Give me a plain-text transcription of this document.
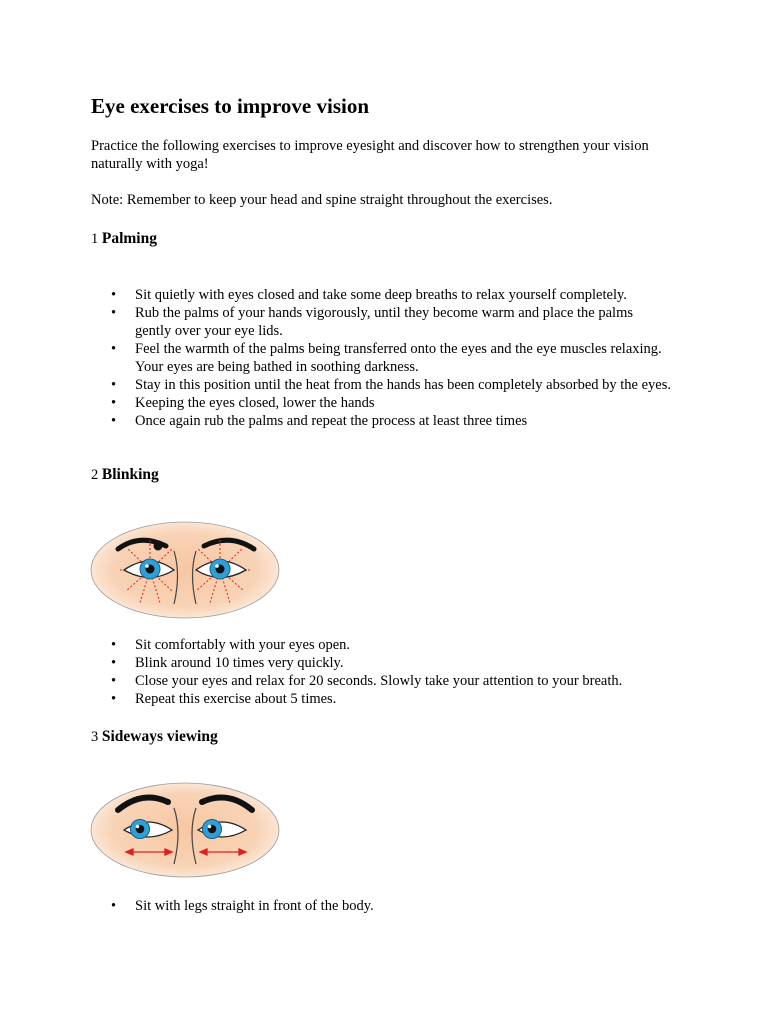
Eye exercises to improve vision

Practice the following exercises to improve eyesight and discover how to strengthen your vision naturally with yoga!

Note: Remember to keep your head and spine straight throughout the exercises.

1 Palming
• Sit quietly with eyes closed and take some deep breaths to relax yourself completely.
• Rub the palms of your hands vigorously, until they become warm and place the palms gently over your eye lids.
• Feel the warmth of the palms being transferred onto the eyes and the eye muscles relaxing. Your eyes are being bathed in soothing darkness.
• Stay in this position until the heat from the hands has been completely absorbed by the eyes.
• Keeping the eyes closed, lower the hands
• Once again rub the palms and repeat the process at least three times
2 Blinking
• Sit comfortably with your eyes open.
• Blink around 10 times very quickly.
• Close your eyes and relax for 20 seconds. Slowly take your attention to your breath.
• Repeat this exercise about 5 times.
3 Sideways viewing
• Sit with legs straight in front of the body.
